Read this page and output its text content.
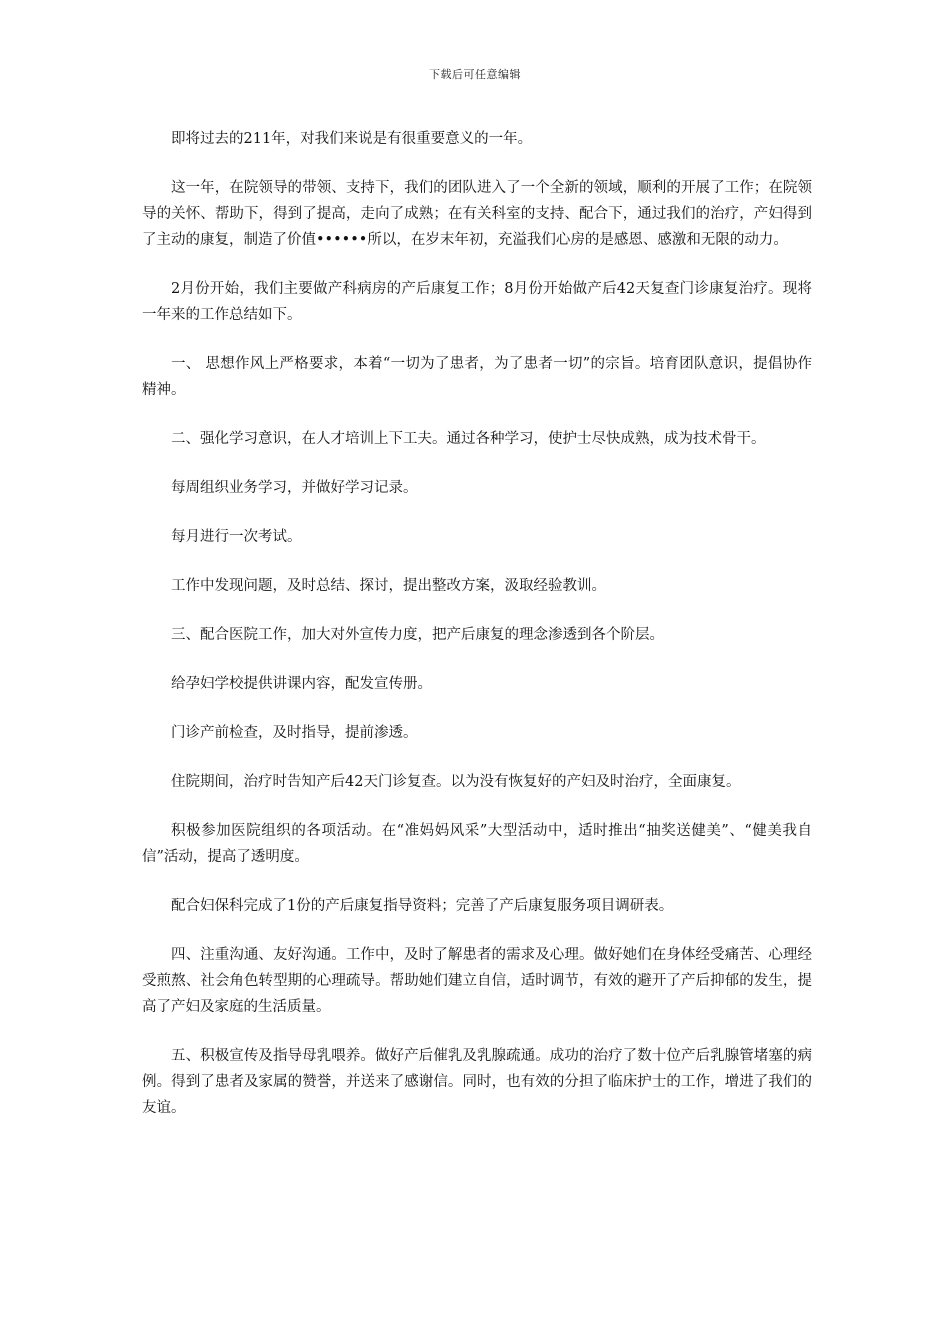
下载后可任意编辑

即将过去的211年，对我们来说是有很重要意义的一年。

这一年，在院领导的带领、支持下，我们的团队进入了一个全新的领域，顺利的开展了工作；在院领导的关怀、帮助下，得到了提高，走向了成熟；在有关科室的支持、配合下，通过我们的治疗，产妇得到了主动的康复，制造了价值••••••所以，在岁末年初，充溢我们心房的是感恩、感激和无限的动力。

2月份开始，我们主要做产科病房的产后康复工作；8月份开始做产后42天复查门诊康复治疗。现将一年来的工作总结如下。

一、 思想作风上严格要求，本着“一切为了患者，为了患者一切”的宗旨。培育团队意识，提倡协作精神。

二、强化学习意识，在人才培训上下工夫。通过各种学习，使护士尽快成熟，成为技术骨干。

每周组织业务学习，并做好学习记录。

每月进行一次考试。

工作中发现问题，及时总结、探讨，提出整改方案，汲取经验教训。

三、配合医院工作，加大对外宣传力度，把产后康复的理念渗透到各个阶层。

给孕妇学校提供讲课内容，配发宣传册。

门诊产前检查，及时指导，提前渗透。

住院期间，治疗时告知产后42天门诊复查。以为没有恢复好的产妇及时治疗，全面康复。

积极参加医院组织的各项活动。在“准妈妈风采”大型活动中，适时推出“抽奖送健美”、“健美我自信”活动，提高了透明度。

配合妇保科完成了1份的产后康复指导资料；完善了产后康复服务项目调研表。

四、注重沟通、友好沟通。工作中，及时了解患者的需求及心理。做好她们在身体经受痛苦、心理经受煎熬、社会角色转型期的心理疏导。帮助她们建立自信，适时调节，有效的避开了产后抑郁的发生，提高了产妇及家庭的生活质量。

五、积极宣传及指导母乳喂养。做好产后催乳及乳腺疏通。成功的治疗了数十位产后乳腺管堵塞的病例。得到了患者及家属的赞誉，并送来了感谢信。同时，也有效的分担了临床护士的工作，增进了我们的友谊。
